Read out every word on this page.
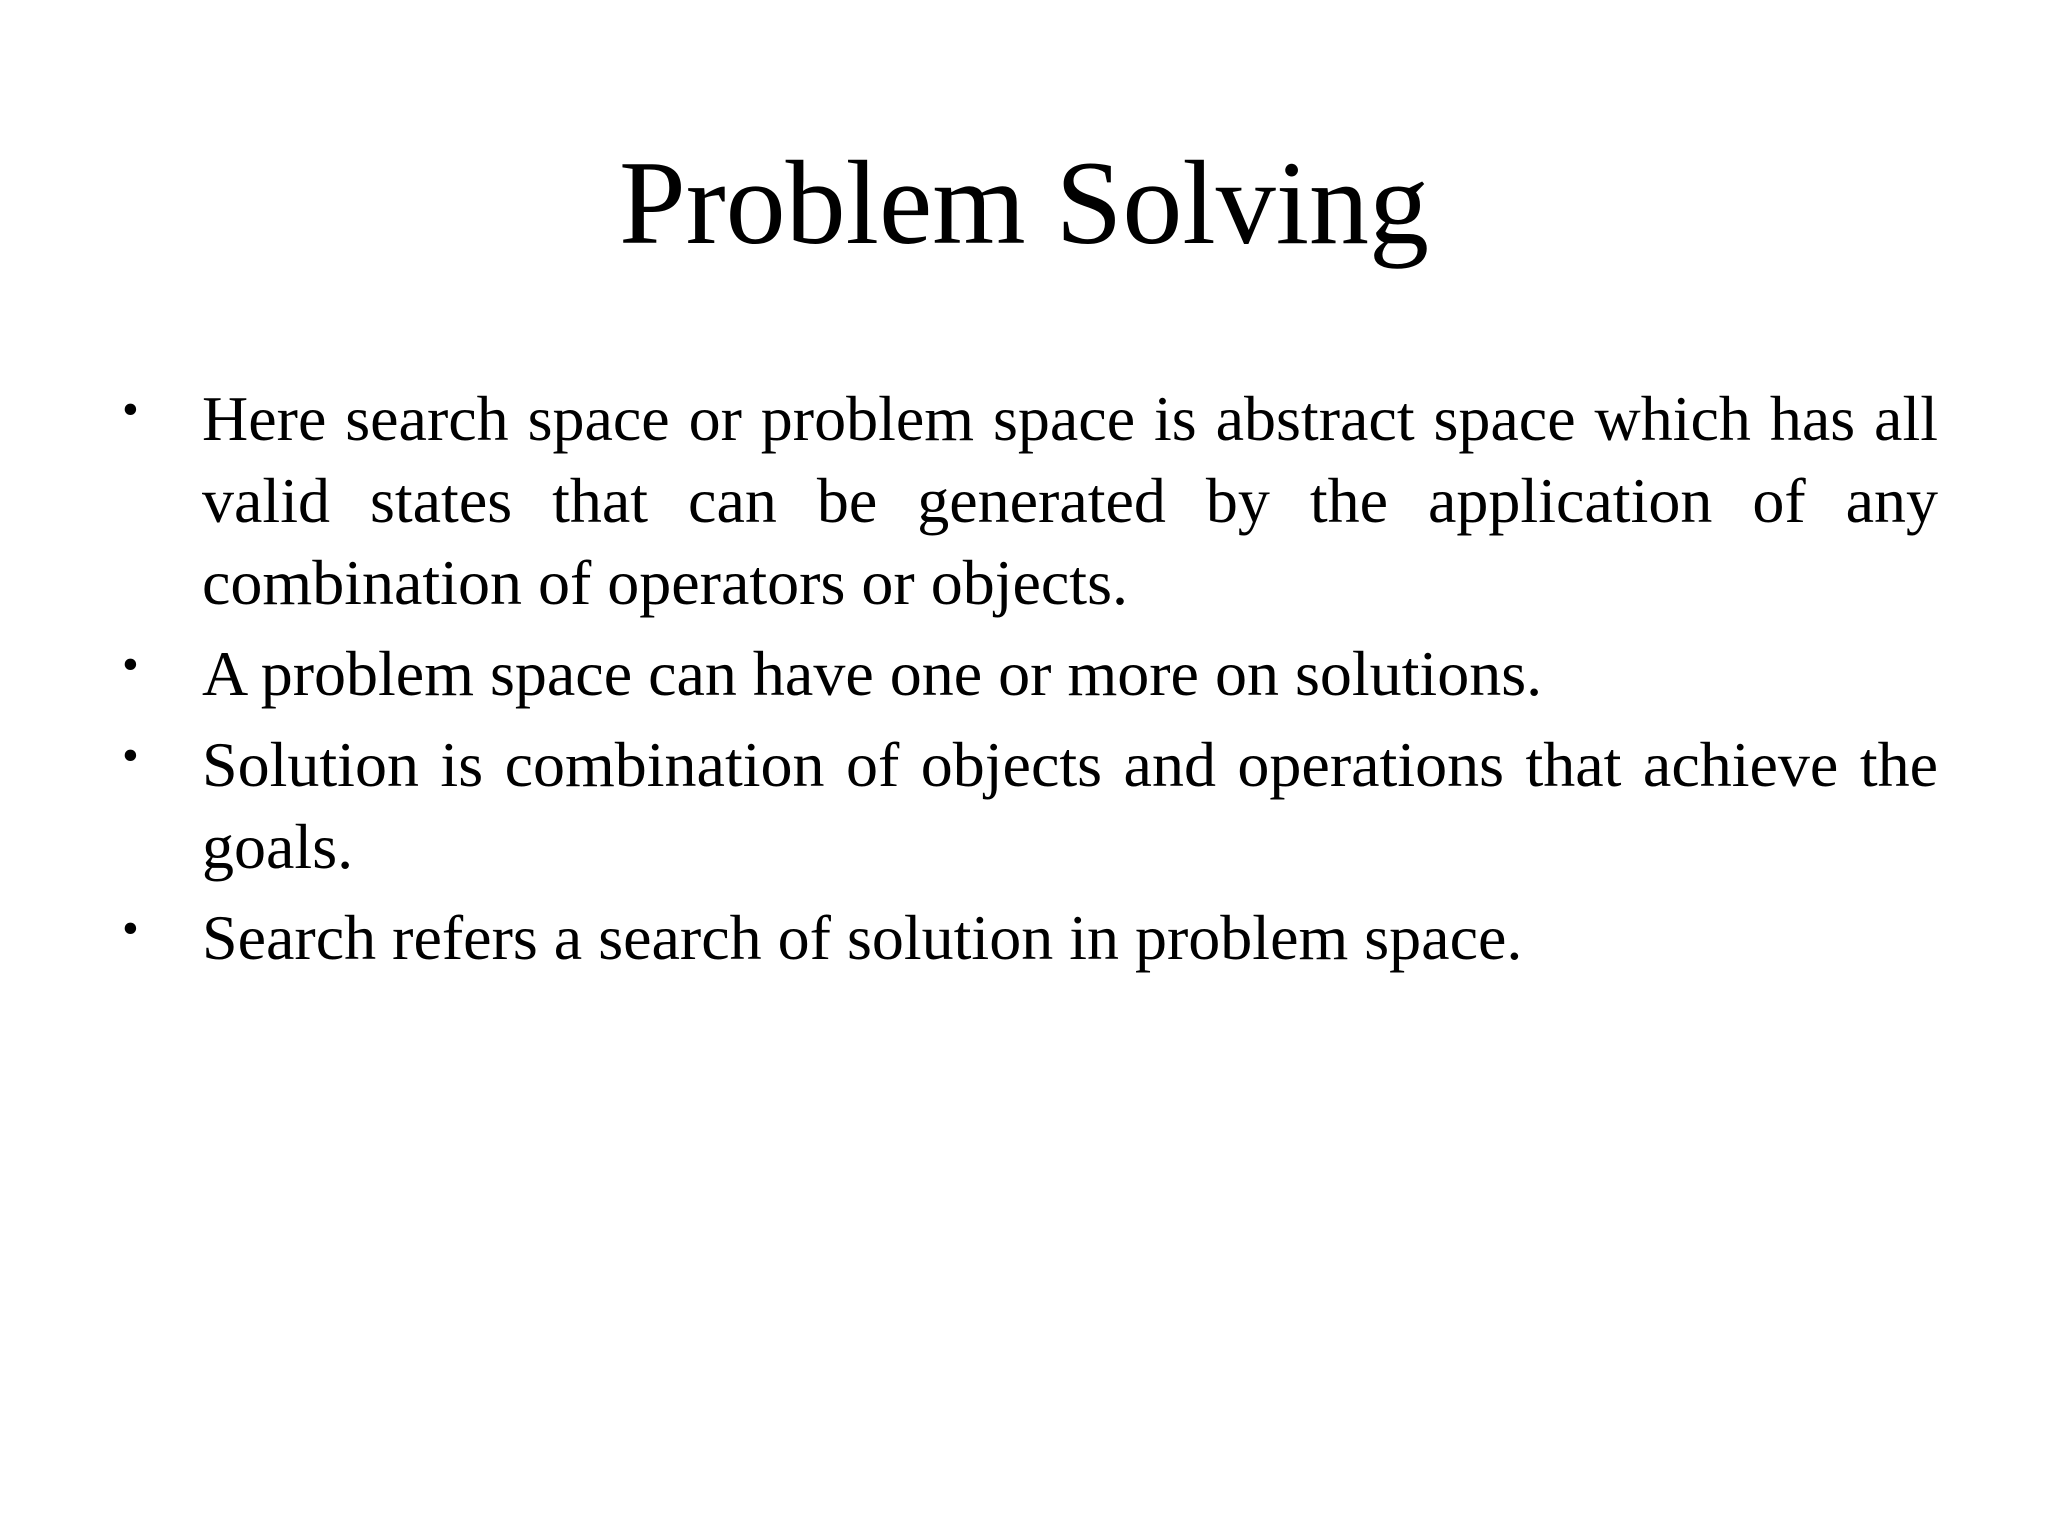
Problem Solving
• Here search space or problem space is abstract space which has all valid states that can be generated by the application of any combination of operators or objects.
• A problem space can have one or more on solutions.
• Solution is combination of objects and operations that achieve the goals.
• Search refers a search of solution in problem space.
